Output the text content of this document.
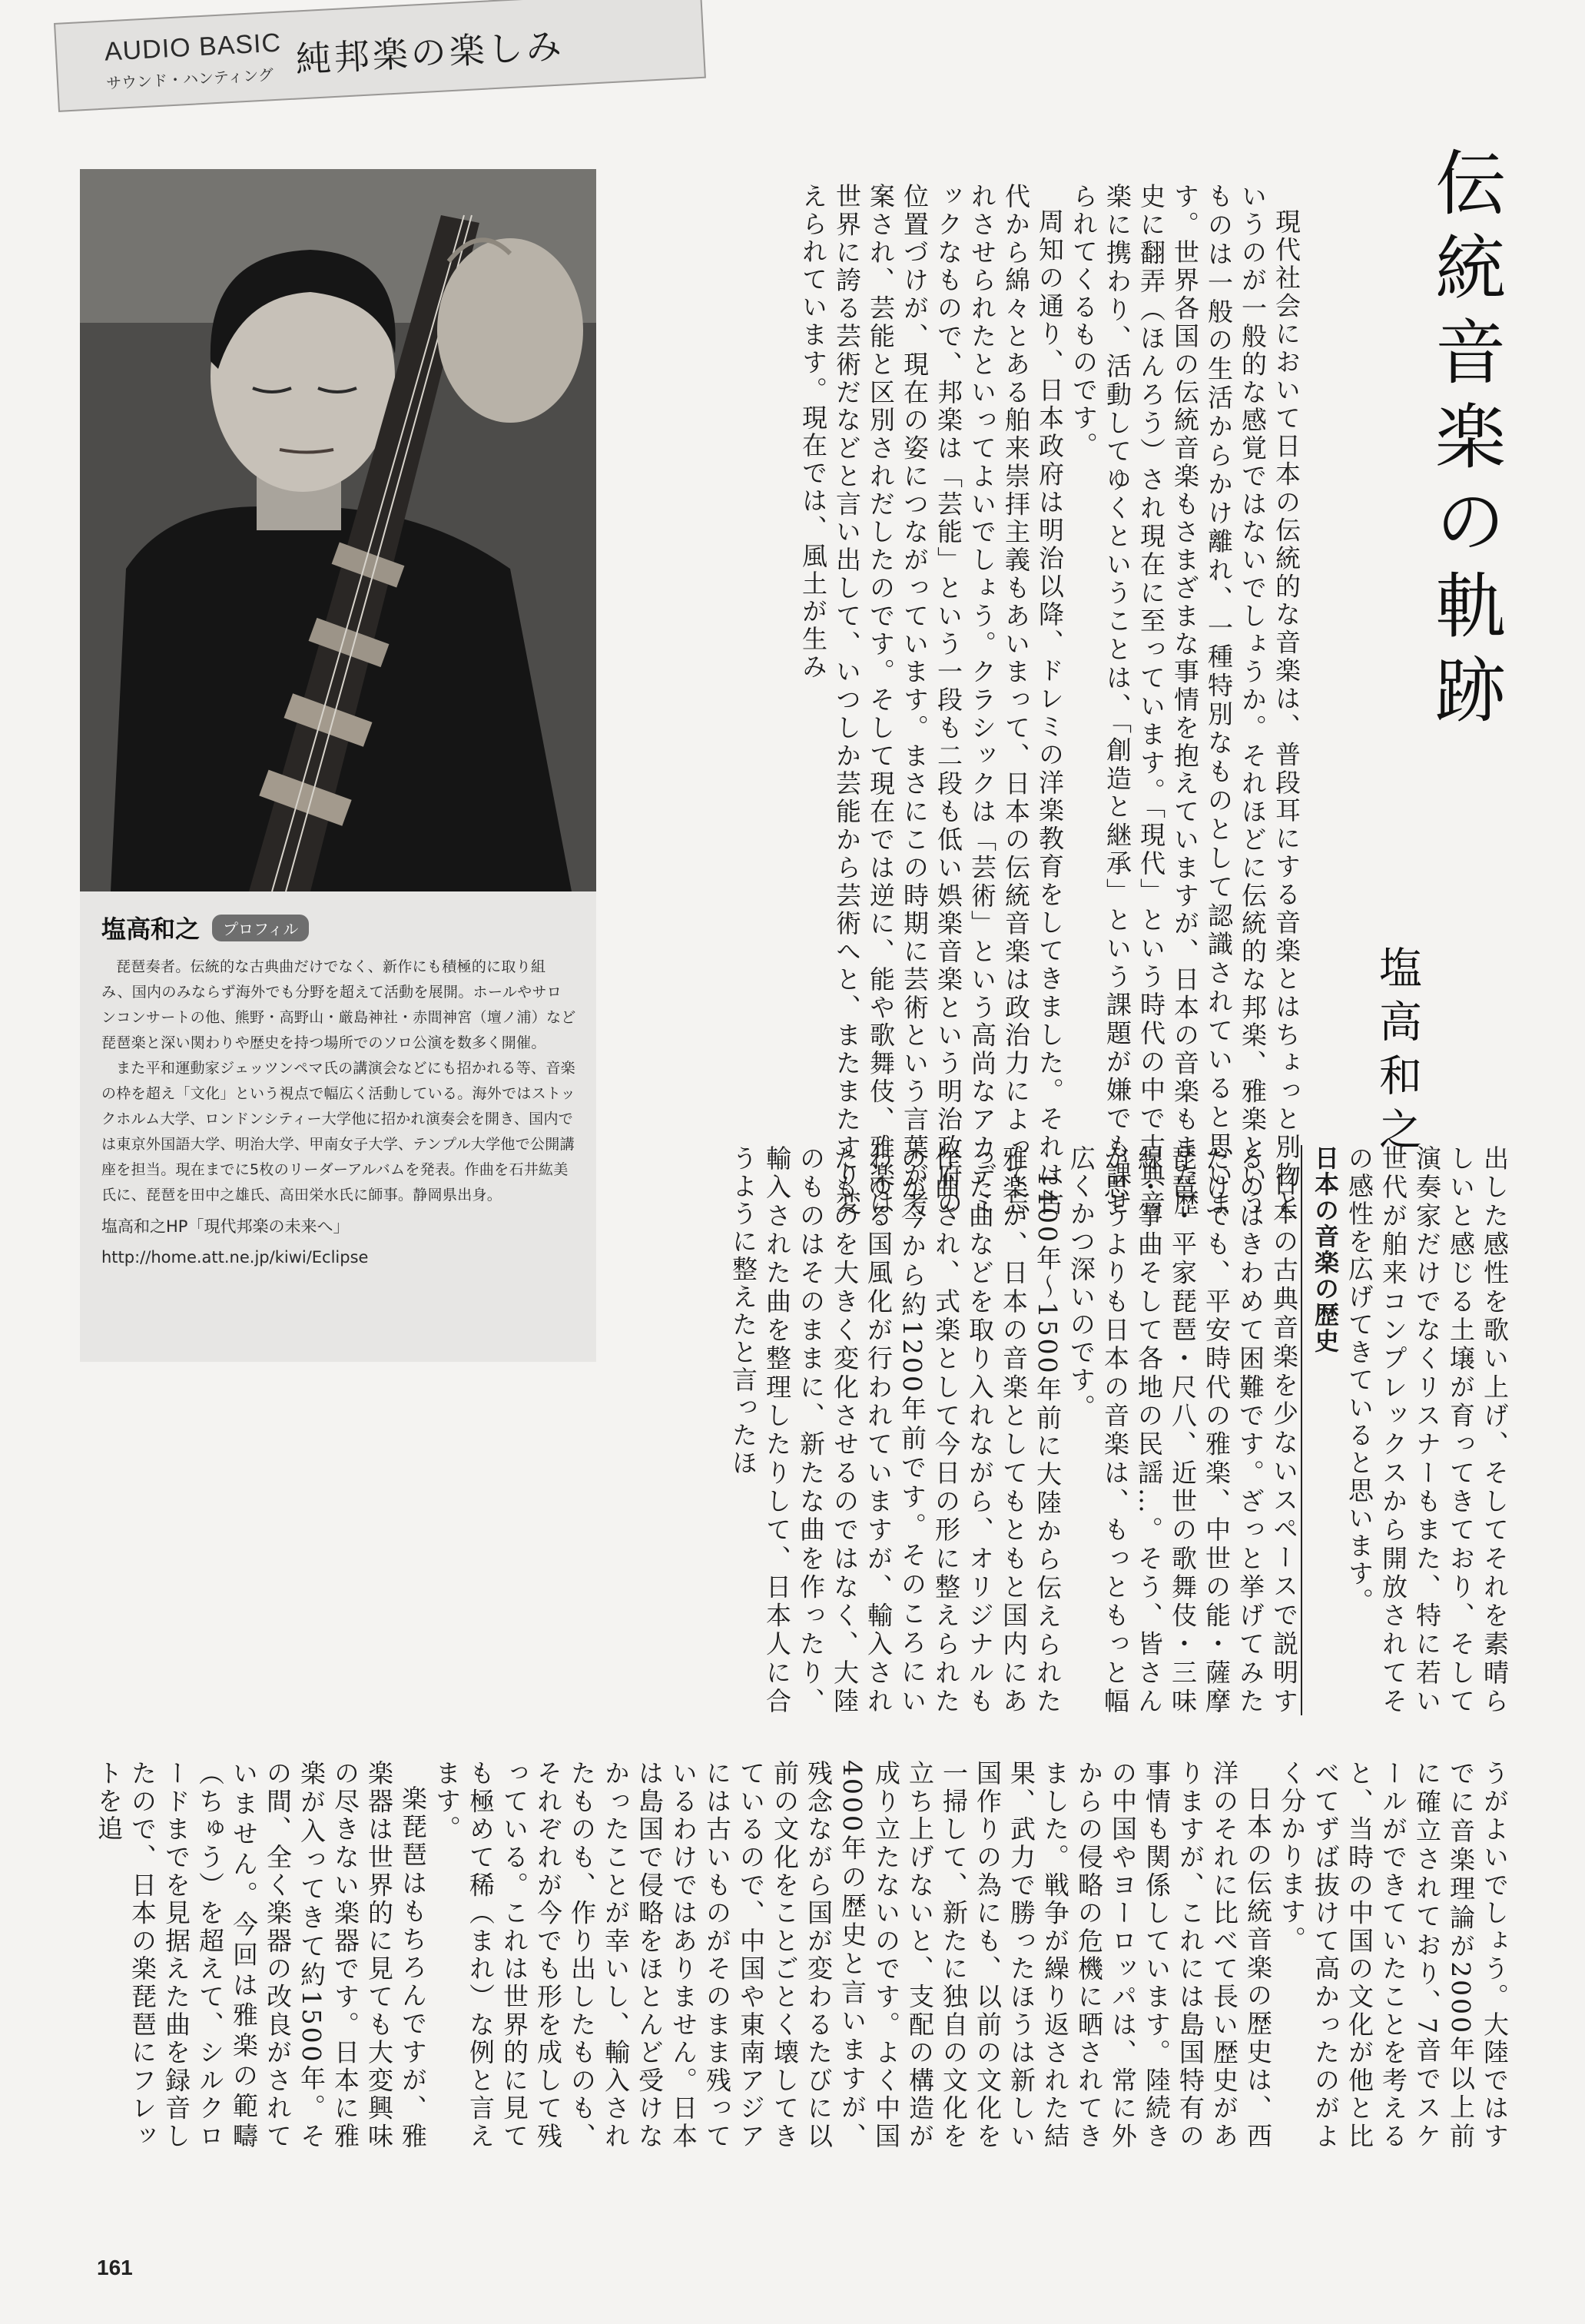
AUDIO BASIC
サウンド・ハンティング 純邦楽の楽しみ
塩高和之	プロフィル

琵琶奏者。伝統的な古典曲だけでなく、新作にも積極的に取り組み、国内のみならず海外でも分野を超えて活動を展開。ホールやサロンコンサートの他、熊野・高野山・厳島神社・赤間神宮（壇ノ浦）など琵琶楽と深い関わりや歴史を持つ場所でのソロ公演を数多く開催。

また平和運動家ジェッツンペマ氏の講演会などにも招かれる等、音楽の枠を超え「文化」という視点で幅広く活動している。海外ではストックホルム大学、ロンドンシティー大学他に招かれ演奏会を開き、国内では東京外国語大学、明治大学、甲南女子大学、テンプル大学他で公開講座を担当。現在までに5枚のリーダーアルバムを発表。作曲を石井紘美氏に、琵琶を田中之雄氏、高田栄水氏に師事。静岡県出身。

塩高和之HP「現代邦楽の未来へ」
http://home.att.ne.jp/kiwi/Eclipse
伝統音楽の軌跡
塩高和之

現代社会において日本の伝統的な音楽は、普段耳にする音楽とはちょっと別物というのが一般的な感覚ではないでしょうか。それほどに伝統的な邦楽、雅楽というものは一般の生活からかけ離れ、一種特別なものとして認識されていると思います。世界各国の伝統音楽もさまざまな事情を抱えていますが、日本の音楽もまた歴史に翻弄（ほんろう）され現在に至っています。「現代」という時代の中で古典音楽に携わり、活動してゆくということは、「創造と継承」という課題が嫌でも課せられてくるものです。

周知の通り、日本政府は明治以降、ドレミの洋楽教育をしてきました。それは古代から綿々とある舶来崇拝主義もあいまって、日本の伝統音楽は政治力によって忘れさせられたといってよいでしょう。クラシックは「芸術」という高尚なアカデミックなもので、邦楽は「芸能」という一段も二段も低い娯楽音楽という明治政府の位置づけが、現在の姿につながっています。まさにこの時期に芸術という言葉が考案され、芸能と区別されだしたのです。そして現在では逆に、能や歌舞伎、雅楽は世界に誇る芸術だなどと言い出して、いつしか芸能から芸術へと、またまたすり変えられています。現在では、風土が生み

出した感性を歌い上げ、そしてそれを素晴らしいと感じる土壌が育ってきており、そして演奏家だけでなくリスナーもまた、特に若い世代が舶来コンプレックスから開放されてその感性を広げてきていると思います。

日本の音楽の歴史

日本の古典音楽を少ないスペースで説明するのはきわめて困難です。ざっと挙げてみただけでも、平安時代の雅楽、中世の能・薩摩琵琶・平家琵琶・尺八、近世の歌舞伎・三味線・箏曲そして各地の民謡…。そう、皆さんが思うよりも日本の音楽は、もっともっと幅広くかつ深いのです。

1400年～1500年前に大陸から伝えられた雅楽が、日本の音楽としてもともと国内にあった曲などを取り入れながら、オリジナルも作曲され、式楽として今日の形に整えられたのが今から約1200年前です。そのころにいわゆる国風化が行われていますが、輸入されたものを大きく変化させるのではなく、大陸のものはそのままに、新たな曲を作ったり、輸入された曲を整理したりして、日本人に合うように整えたと言ったほ

うがよいでしょう。大陸ではすでに音楽理論が2000年以上前に確立されており、7音でスケールができていたことを考えると、当時の中国の文化が他と比べてずば抜けて高かったのがよく分かります。

日本の伝統音楽の歴史は、西洋のそれに比べて長い歴史がありますが、これには島国特有の事情も関係しています。陸続きの中国やヨーロッパは、常に外からの侵略の危機に晒されてきました。戦争が繰り返された結果、武力で勝ったほうは新しい国作りの為にも、以前の文化を一掃して、新たに独自の文化を立ち上げないと、支配の構造が成り立たないのです。よく中国4000年の歴史と言いますが、残念ながら国が変わるたびに以前の文化をことごとく壊してきているので、中国や東南アジアには古いものがそのまま残っているわけではありません。日本は島国で侵略をほとんど受けなかったことが幸いし、輸入されたものも、作り出したものも、それぞれが今でも形を成して残っている。これは世界的に見ても極めて稀（まれ）な例と言えます。

楽琵琶はもちろんですが、雅楽器は世界的に見ても大変興味の尽きない楽器です。日本に雅楽が入ってきて約1500年。その間、全く楽器の改良がされていません。今回は雅楽の範疇（ちゅう）を超えて、シルクロードまでを見据えた曲を録音したので、日本の楽琵琶にフレットを追

161
